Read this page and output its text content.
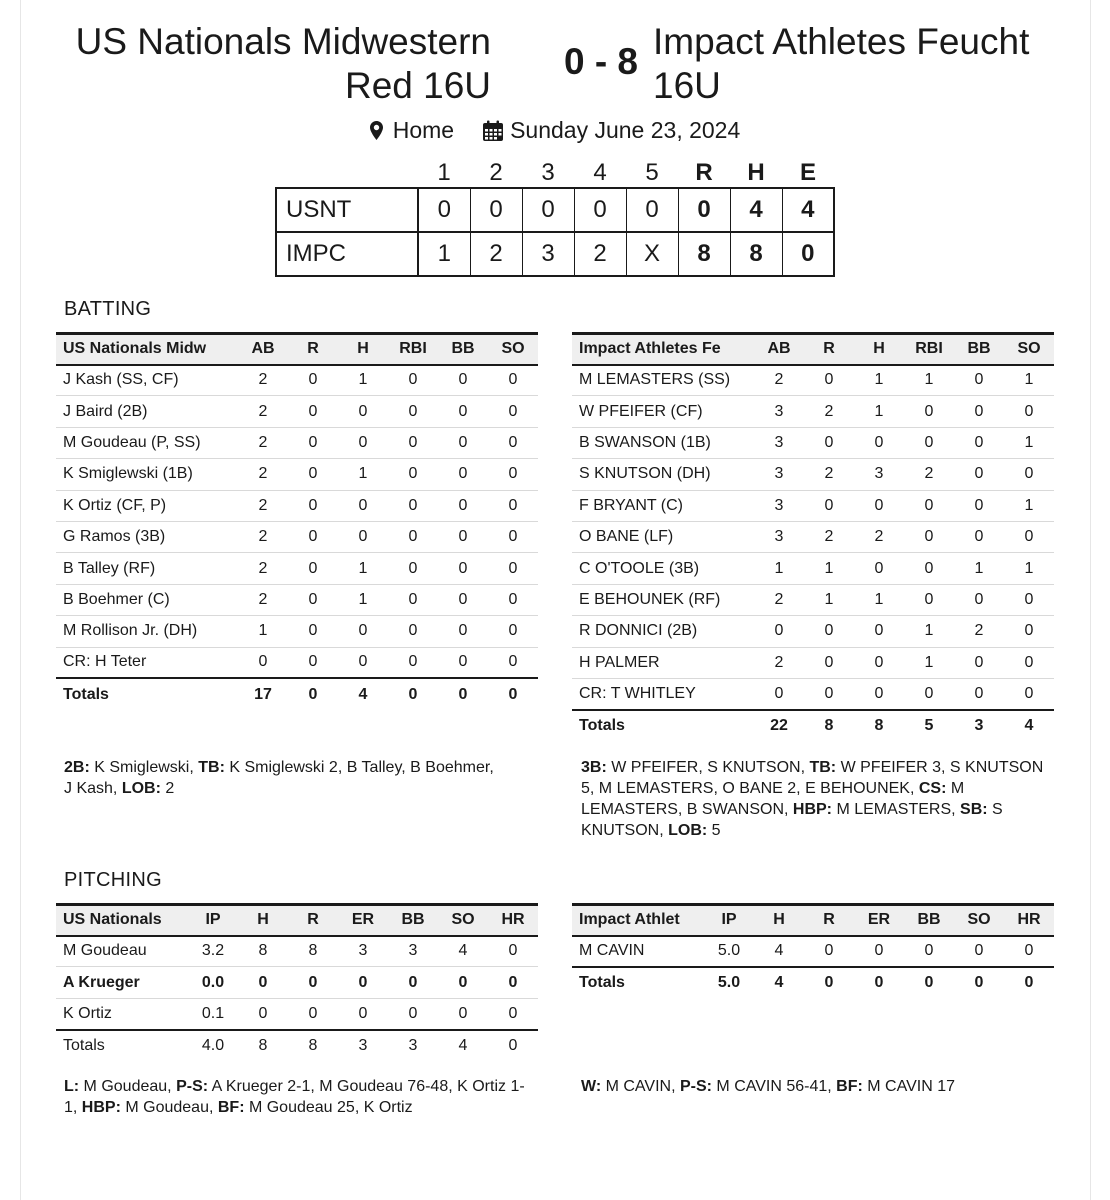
US Nationals Midwestern
Red 16U
0 - 8 Impact Athletes Feucht
16U
Home Sunday June 23, 2024
	1	2	3	4	5	R	H	E
USNT	0	0	0	0	0	0	4	4
IMPC	1	2	3	2	X	8	8	0
BATTING
US Nationals Midw	AB	R	H	RBI	BB	SO
J Kash (SS, CF)	2	0	1	0	0	0
J Baird (2B)	2	0	0	0	0	0
M Goudeau (P, SS)	2	0	0	0	0	0
K Smiglewski (1B)	2	0	1	0	0	0
K Ortiz (CF, P)	2	0	0	0	0	0
G Ramos (3B)	2	0	0	0	0	0
B Talley (RF)	2	0	1	0	0	0
B Boehmer (C)	2	0	1	0	0	0
M Rollison Jr. (DH)	1	0	0	0	0	0
CR: H Teter	0	0	0	0	0	0
Totals	17	0	4	0	0	0
2B: K Smiglewski, TB: K Smiglewski 2, B Talley, B Boehmer, J Kash, LOB: 2
Impact Athletes Fe	AB	R	H	RBI	BB	SO
M LEMASTERS (SS)	2	0	1	1	0	1
W PFEIFER (CF)	3	2	1	0	0	0
B SWANSON (1B)	3	0	0	0	0	1
S KNUTSON (DH)	3	2	3	2	0	0
F BRYANT (C)	3	0	0	0	0	1
O BANE (LF)	3	2	2	0	0	0
C O'TOOLE (3B)	1	1	0	0	1	1
E BEHOUNEK (RF)	2	1	1	0	0	0
R DONNICI (2B)	0	0	0	1	2	0
H PALMER	2	0	0	1	0	0
CR: T WHITLEY	0	0	0	0	0	0
Totals	22	8	8	5	3	4
3B: W PFEIFER, S KNUTSON, TB: W PFEIFER 3, S KNUTSON 5, M LEMASTERS, O BANE 2, E BEHOUNEK, CS: M LEMASTERS, B SWANSON, HBP: M LEMASTERS, SB: S KNUTSON, LOB: 5
PITCHING
US Nationals	IP	H	R	ER	BB	SO	HR
M Goudeau	3.2	8	8	3	3	4	0
A Krueger	0.0	0	0	0	0	0	0
K Ortiz	0.1	0	0	0	0	0	0
Totals	4.0	8	8	3	3	4	0
L: M Goudeau, P-S: A Krueger 2-1, M Goudeau 76-48, K Ortiz 1-1, HBP: M Goudeau, BF: M Goudeau 25, K Ortiz
Impact Athlet	IP	H	R	ER	BB	SO	HR
M CAVIN	5.0	4	0	0	0	0	0
Totals	5.0	4	0	0	0	0	0
W: M CAVIN, P-S: M CAVIN 56-41, BF: M CAVIN 17
